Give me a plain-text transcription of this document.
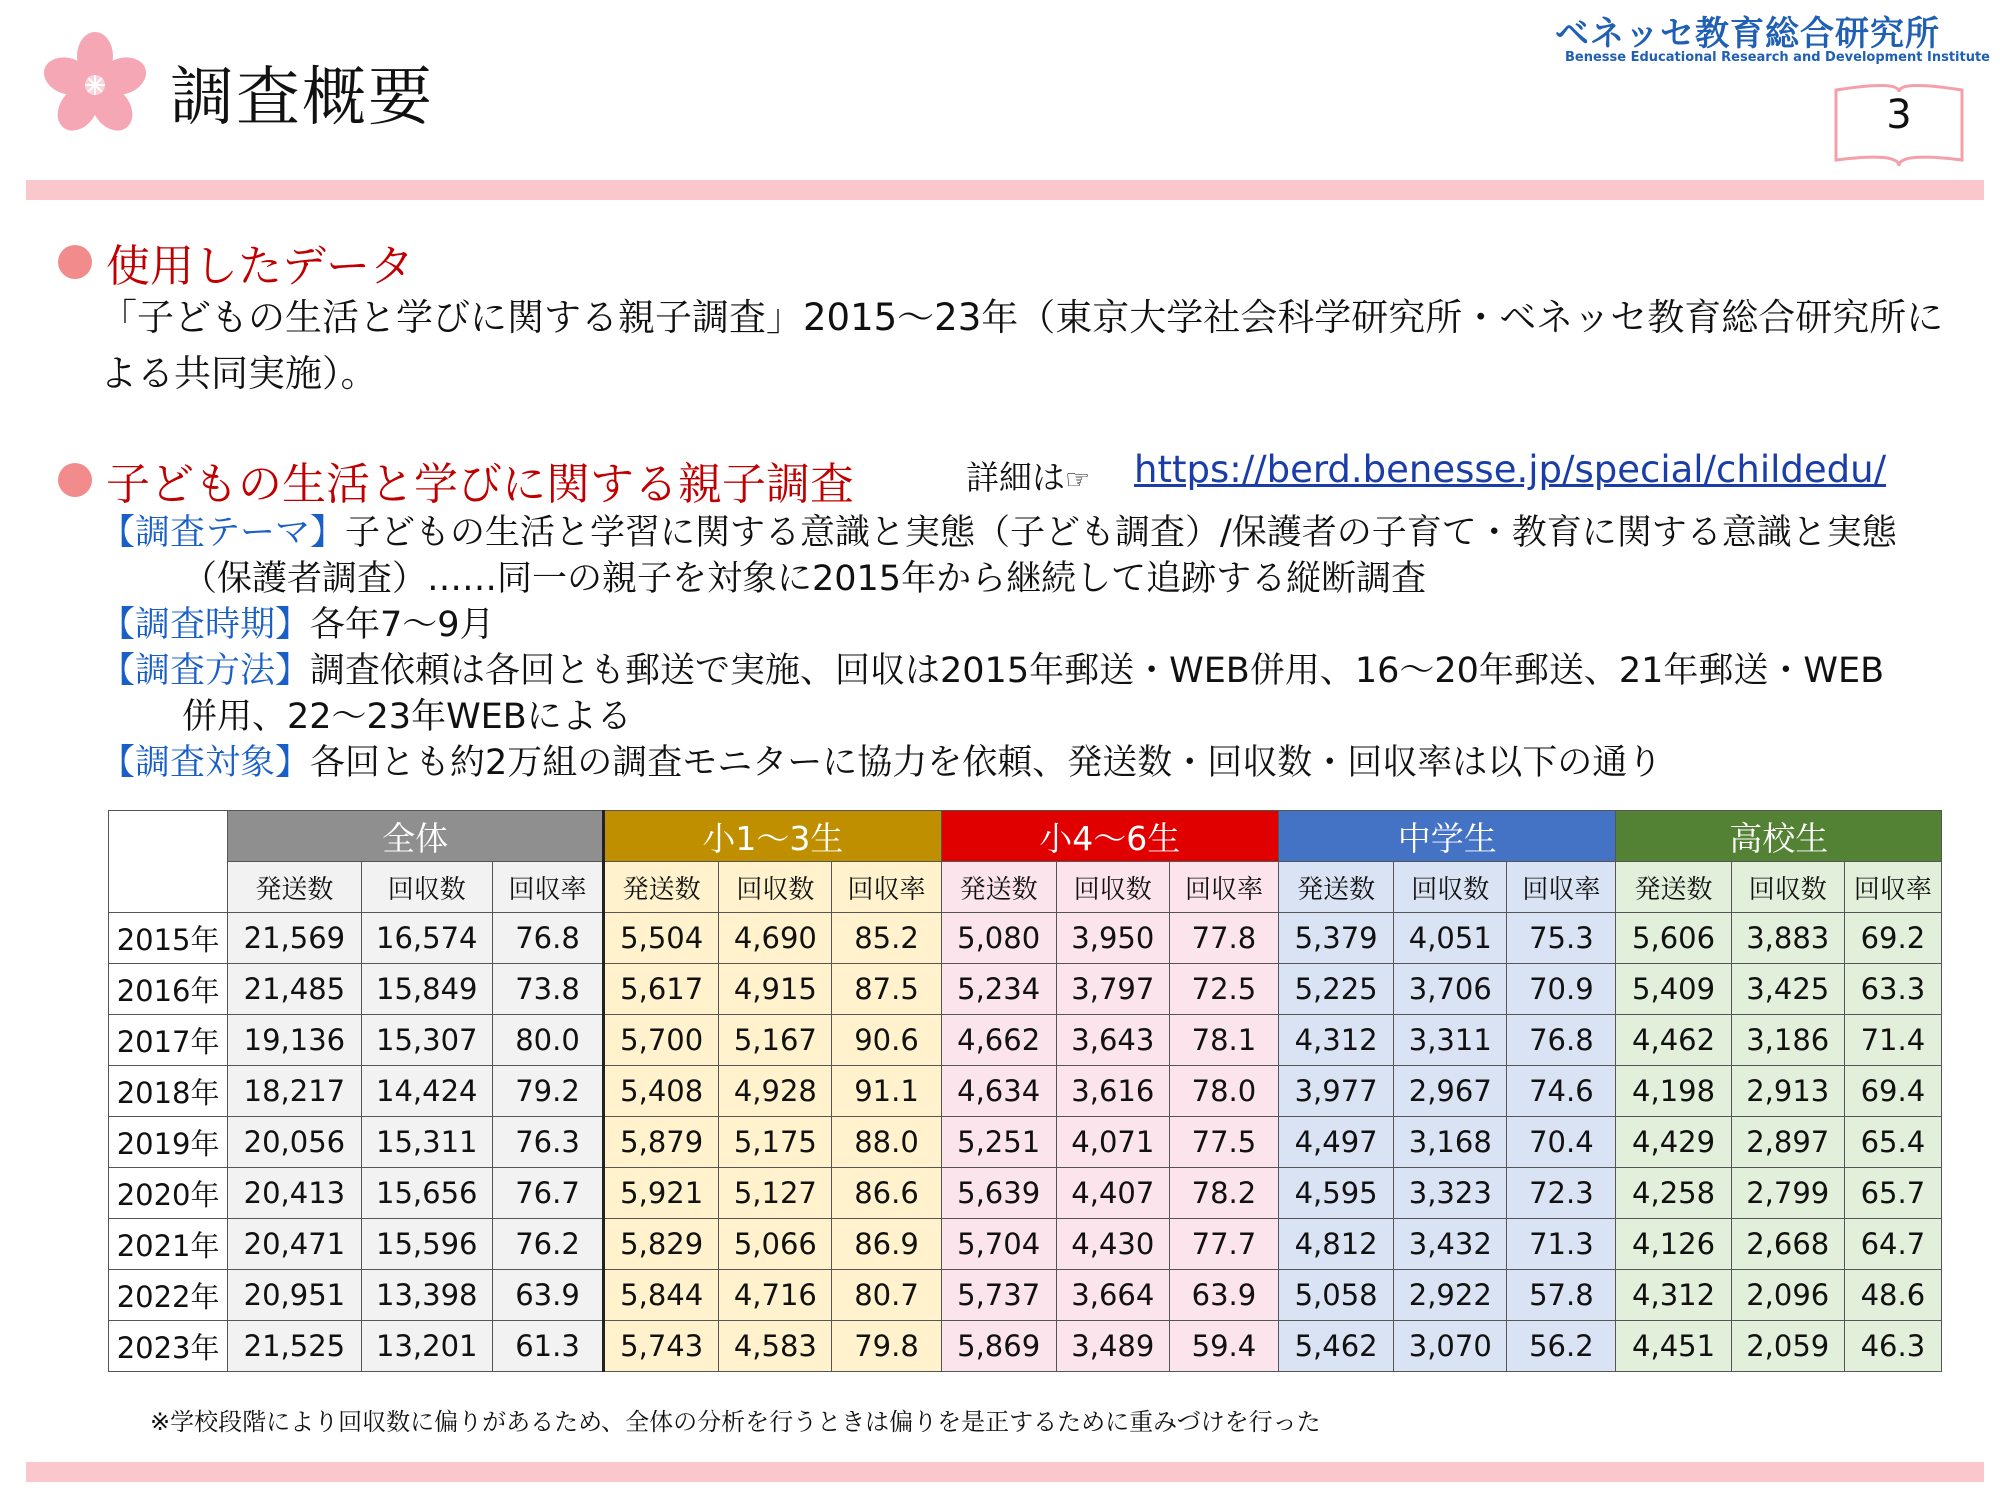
調査概要
ベネッセ教育総合研究所
Benesse Educational Research and Development Institute
3
使用したデータ
「子どもの生活と学びに関する親子調査」2015～23年（東京大学社会科学研究所・ベネッセ教育総合研究所による共同実施）。
子どもの生活と学びに関する親子調査	詳細は☞ https://berd.benesse.jp/special/childedu/
【調査テーマ】子どもの生活と学習に関する意識と実態（子ども調査）/保護者の子育て・教育に関する意識と実態
（保護者調査）……同一の親子を対象に2015年から継続して追跡する縦断調査
【調査時期】各年7～9月
【調査方法】調査依頼は各回とも郵送で実施、回収は2015年郵送・WEB併用、16～20年郵送、21年郵送・WEB
併用、22～23年WEBによる
【調査対象】各回とも約2万組の調査モニターに協力を依頼、発送数・回収数・回収率は以下の通り
	全体			小1～3生			小4～6生			中学生			高校生		
	発送数	回収数	回収率	発送数	回収数	回収率	発送数	回収数	回収率	発送数	回収数	回収率	発送数	回収数	回収率
2015年	21,569	16,574	76.8	5,504	4,690	85.2	5,080	3,950	77.8	5,379	4,051	75.3	5,606	3,883	69.2
2016年	21,485	15,849	73.8	5,617	4,915	87.5	5,234	3,797	72.5	5,225	3,706	70.9	5,409	3,425	63.3
2017年	19,136	15,307	80.0	5,700	5,167	90.6	4,662	3,643	78.1	4,312	3,311	76.8	4,462	3,186	71.4
2018年	18,217	14,424	79.2	5,408	4,928	91.1	4,634	3,616	78.0	3,977	2,967	74.6	4,198	2,913	69.4
2019年	20,056	15,311	76.3	5,879	5,175	88.0	5,251	4,071	77.5	4,497	3,168	70.4	4,429	2,897	65.4
2020年	20,413	15,656	76.7	5,921	5,127	86.6	5,639	4,407	78.2	4,595	3,323	72.3	4,258	2,799	65.7
2021年	20,471	15,596	76.2	5,829	5,066	86.9	5,704	4,430	77.7	4,812	3,432	71.3	4,126	2,668	64.7
2022年	20,951	13,398	63.9	5,844	4,716	80.7	5,737	3,664	63.9	5,058	2,922	57.8	4,312	2,096	48.6
2023年	21,525	13,201	61.3	5,743	4,583	79.8	5,869	3,489	59.4	5,462	3,070	56.2	4,451	2,059	46.3
※学校段階により回収数に偏りがあるため、全体の分析を行うときは偏りを是正するために重みづけを行った
